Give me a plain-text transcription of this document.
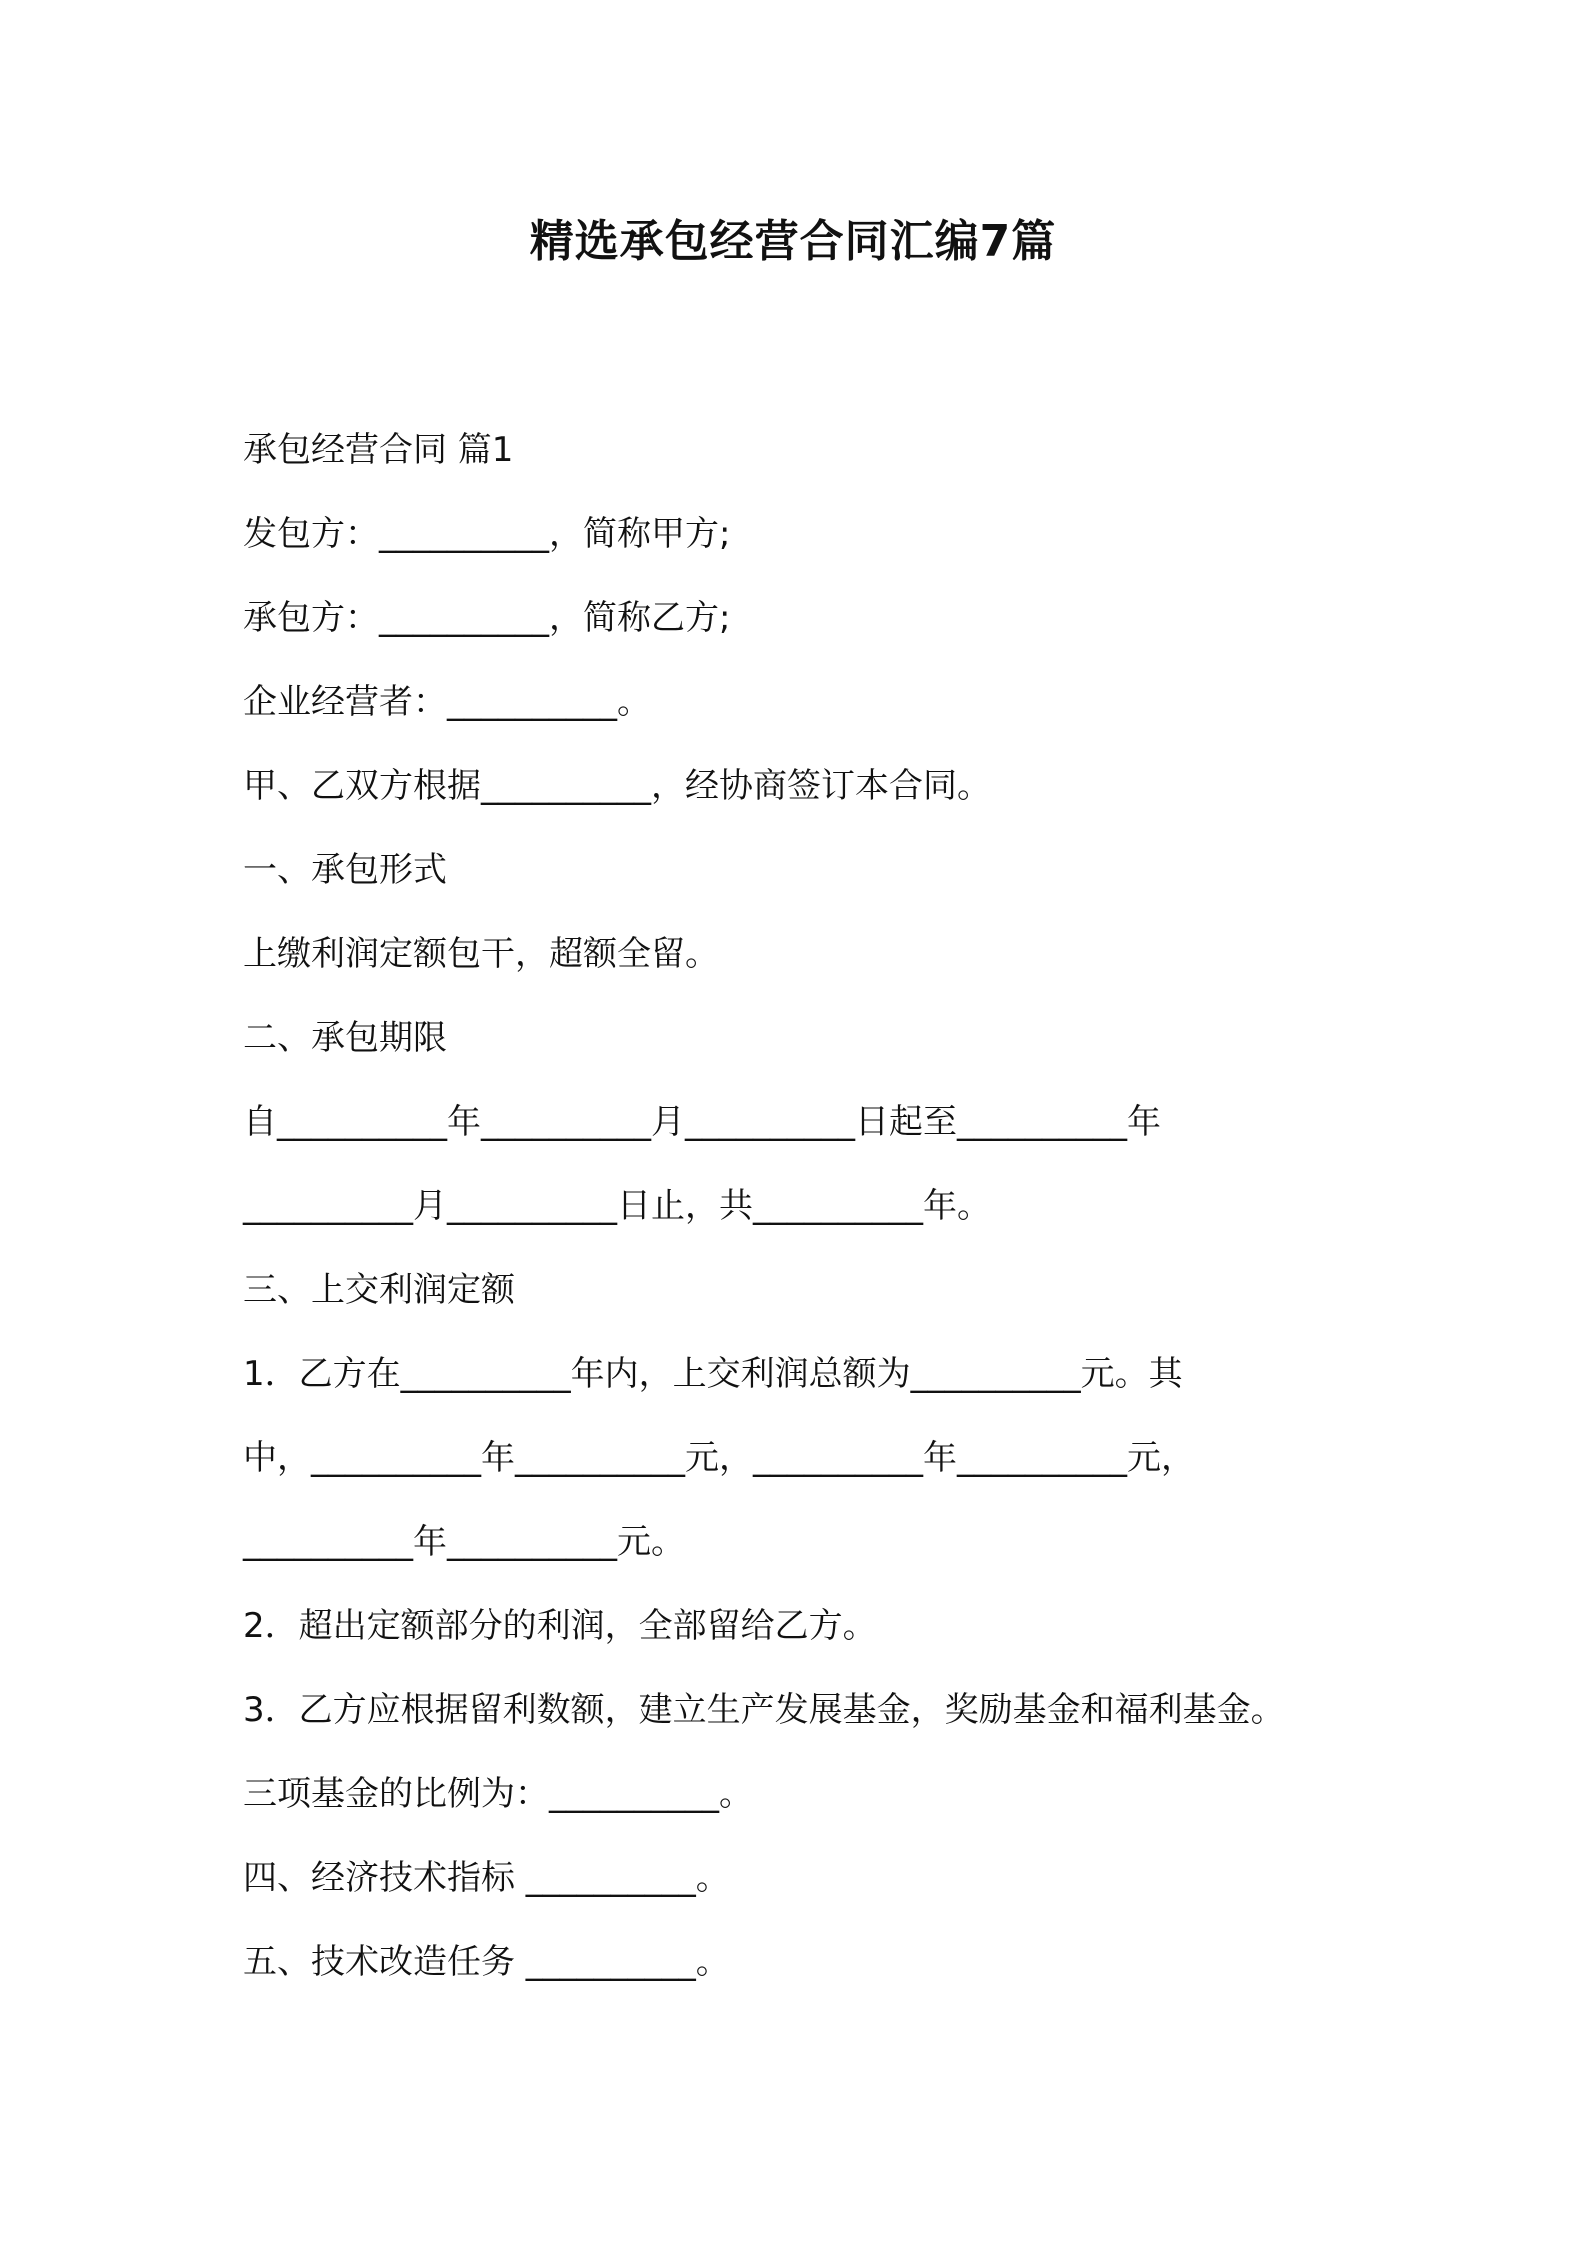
精选承包经营合同汇编7篇

承包经营合同 篇1

发包方：__________，简称甲方;

承包方：__________，简称乙方;

企业经营者：__________。

甲、乙双方根据__________，经协商签订本合同。

一、承包形式

上缴利润定额包干，超额全留。

二、承包期限

自__________年__________月__________日起至__________年

__________月__________日止，共__________年。

三、上交利润定额

1．乙方在__________年内，上交利润总额为__________元。其

中，__________年__________元，__________年__________元，

__________年__________元。

2．超出定额部分的利润，全部留给乙方。

3．乙方应根据留利数额，建立生产发展基金，奖励基金和福利基金。

三项基金的比例为：__________。

四、经济技术指标 __________。

五、技术改造任务 __________。
